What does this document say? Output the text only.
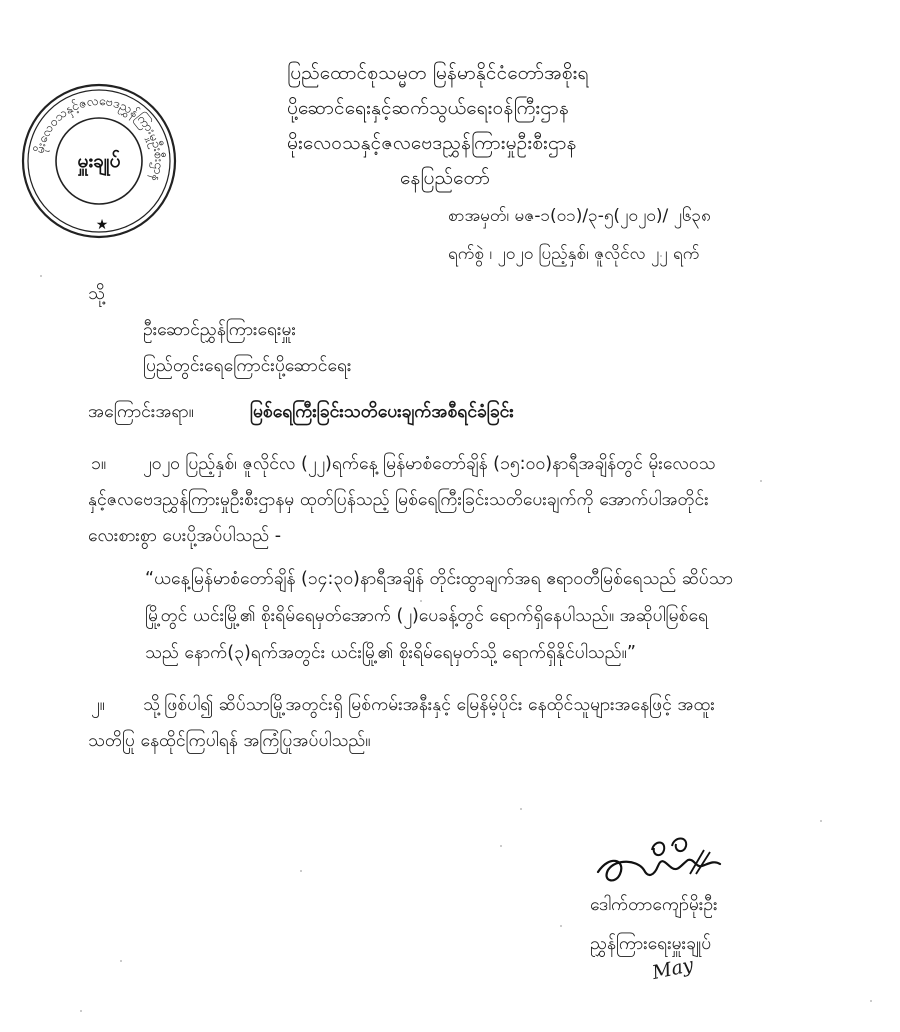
မိုးလေဝသနှင့်ဇလဗေဒညွှန်ကြားမှုဦးစီးဌာန
မှူးချုပ်
★
ပြည်ထောင်စုသမ္မတ မြန်မာနိုင်ငံတော်အစိုးရ
ပို့ဆောင်ရေးနှင့်ဆက်သွယ်ရေးဝန်ကြီးဌာန
မိုးလေဝသနှင့်ဇလဗေဒညွှန်ကြားမှုဦးစီးဌာန
နေပြည်တော်
စာအမှတ်၊ မဇ-၁(၀၁)/၃-၅(၂၀၂၀)/ ၂၆၃၈
ရက်စွဲ ၊ ၂၀၂၀ ပြည့်နှစ်၊ ဇူလိုင်လ ၂၂ ရက်
သို့
ဦးဆောင်ညွှန်ကြားရေးမှူး
ပြည်တွင်းရေကြောင်းပို့ဆောင်ရေး
အကြောင်းအရာ။	မြစ်ရေကြီးခြင်းသတိပေးချက်အစီရင်ခံခြင်း
၁။ ၂၀၂၀ ပြည့်နှစ်၊ ဇူလိုင်လ (၂၂)ရက်နေ့ မြန်မာစံတော်ချိန် (၁၅:၀၀)နာရီအချိန်တွင် မိုးလေဝသ
နှင့်ဇလဗေဒညွှန်ကြားမှုဦးစီးဌာနမှ ထုတ်ပြန်သည့် မြစ်ရေကြီးခြင်းသတိပေးချက်ကို အောက်ပါအတိုင်း
လေးစားစွာ ပေးပို့အပ်ပါသည် -
“ယနေ့မြန်မာစံတော်ချိန် (၁၄:၃၀)နာရီအချိန် တိုင်းထွာချက်အရ ဧရာဝတီမြစ်ရေသည် ဆိပ်သာ
မြို့တွင် ယင်းမြို့၏ စိုးရိမ်ရေမှတ်အောက် (၂)ပေခန့်တွင် ရောက်ရှိနေပါသည်။ အဆိုပါမြစ်ရေ
သည် နောက်(၃)ရက်အတွင်း ယင်းမြို့၏ စိုးရိမ်ရေမှတ်သို့ ရောက်ရှိနိုင်ပါသည်။”
၂။ သို့ဖြစ်ပါ၍ ဆိပ်သာမြို့အတွင်းရှိ မြစ်ကမ်းအနီးနှင့် မြေနိမ့်ပိုင်း နေထိုင်သူများအနေဖြင့် အထူး
သတိပြု နေထိုင်ကြပါရန် အကြံပြုအပ်ပါသည်။
ဒေါက်တာကျော်မိုးဦး
ညွှန်ကြားရေးမှူးချုပ်
May
